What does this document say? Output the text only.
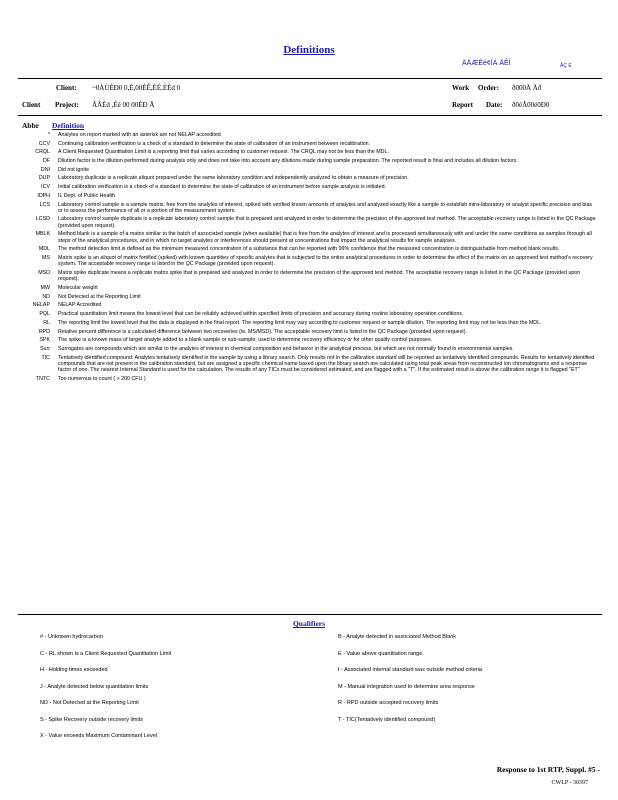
Definitions
ÄÄÆÉé¢ÍÁ ÄÊÌ	ÅÇ Ë
Client: ~0ÀÙÈÐ0 0,È,00ÈÊ,ÈÉ,ÈÉd 0
Client Project: ÃÄÈd ,Èé 00 00ÈÐ Ã
Work Order: ð000Ä Äð
Report Date: ð0éÃ00é0Ð0
Abbr Definition
* Analytes on report marked with an asterisk are not NELAP accredited
CCV Continuing calibration verification is a check of a standard to determine the state of calibration of an instrument between recalibration.
CRQL A Client Requested Quantitation Limit is a reporting limit that varies according to customer request. The CRQL may not be less than the MDL.
DF Dilution factor is the dilution performed during analysis only and does not take into account any dilutions made during sample preparation. The reported result is final and includes all dilution factors.
DNI Did not ignite
DUP Laboratory duplicate is a replicate aliquot prepared under the same laboratory condition and independently analyzed to obtain a measure of precision.
ICV Initial calibration verification is a check of a standard to determine the state of calibration of an instrument before sample analysis is initiated.
IDPH IL Dept. of Public Health
LCS Laboratory control sample is a sample matrix, free from the analytes of interest, spiked with verified known amounts of analytes and analyzed exactly like a sample to establish intra-laboratory or analyst specific precision and bias or to assess the performance of all or a portion of the measurement system.
LCSD Laboratory control sample duplicate is a replicate laboratory control sample that is prepared and analyzed in order to determine the precision of the approved test method. The acceptable recovery range is listed in the QC Package (provided upon request).
MBLK Method blank is a sample of a matrix similar to the batch of associated sample (when available) that is free from the analytes of interest and is processed simultaneously with and under the same conditions as samples through all steps of the analytical procedures, and in which no target analytes or interferences should present at concentrations that impact the analytical results for sample analyses.
MDL The method detection limit is defined as the minimum measured concentration of a substance that can be reported with 99% confidence that the measured concentration is distinguishable from method blank results.
MS Matrix spike is an aliquot of matrix fortified (spiked) with known quantities of specific analytes that is subjected to the entire analytical procedures in order to determine the effect of the matrix on an approved test method's recovery system. The acceptable recovery range is listed in the QC Package (provided upon request).
MSD Matrix spike duplicate means a replicate matrix spike that is prepared and analyzed in order to determine the precision of the approved test method. The acceptable recovery range is listed in the QC Package (provided upon request).
MW Molecular weight
ND Not Detected at the Reporting Limit
NELAP NELAP Accredited
PQL Practical quantitation limit means the lowest level that can be reliably achieved within specified limits of precision and accuracy during routine laboratory operation conditions.
RL The reporting limit the lowest level that the data is displayed in the final report. The reporting limit may vary according to customer request or sample dilution. The reporting limit may not be less than the MDL.
RPD Relative percent difference is a calculated difference between two recoveries (ie. MS/MSD). The acceptable recovery limit is listed in the QC Package (provided upon request).
SPK The spike is a known mass of target analyte added to a blank sample or sub-sample; used to determine recovery efficiency or for other quality control purposes.
Surr Surrogates are compounds which are similar to the analytes of interest in chemical composition and behavior in the analytical process, but which are not normally found in environmental samples.
TIC Tentatively identified compound: Analytes tentatively identified in the sample by using a library search. Only results not in the calibration standard will be reported as tentatively identified compounds. Results for tentatively identified compounds that are not present in the calibration standard, but are assigned a specific chemical name based upon the library search are calculated using total peak areas from reconstructed ion chromatograms and a response factor of one. The nearest Internal Standard is used for the calculation. The results of any TICs must be considered estimated, and are flagged with a "T". If the estimated result is above the calibration range it is flagged "ET"
TNTC Too numerous to count ( > 200 CFU )
Qualifiers
# - Unknown hydrocarbon	B - Analyte detected in associated Method Blank
C - RL shown is a Client Requested Quantitation Limit	E - Value above quantitation range
H - Holding times exceeded	I - Associated internal standard was outside method criteria
J - Analyte detected below quantitation limits	M - Manual integration used to determine area response
ND - Not Detected at the Reporting Limit	R - RPD outside accepted recovery limits
S - Spike Recovery outside recovery limits	T - TIC(Tentatively identified compound)
X - Value exceeds Maximum Contaminant Level
Response to 1st RTP, Suppl. #5 -
CWLP - 30397
